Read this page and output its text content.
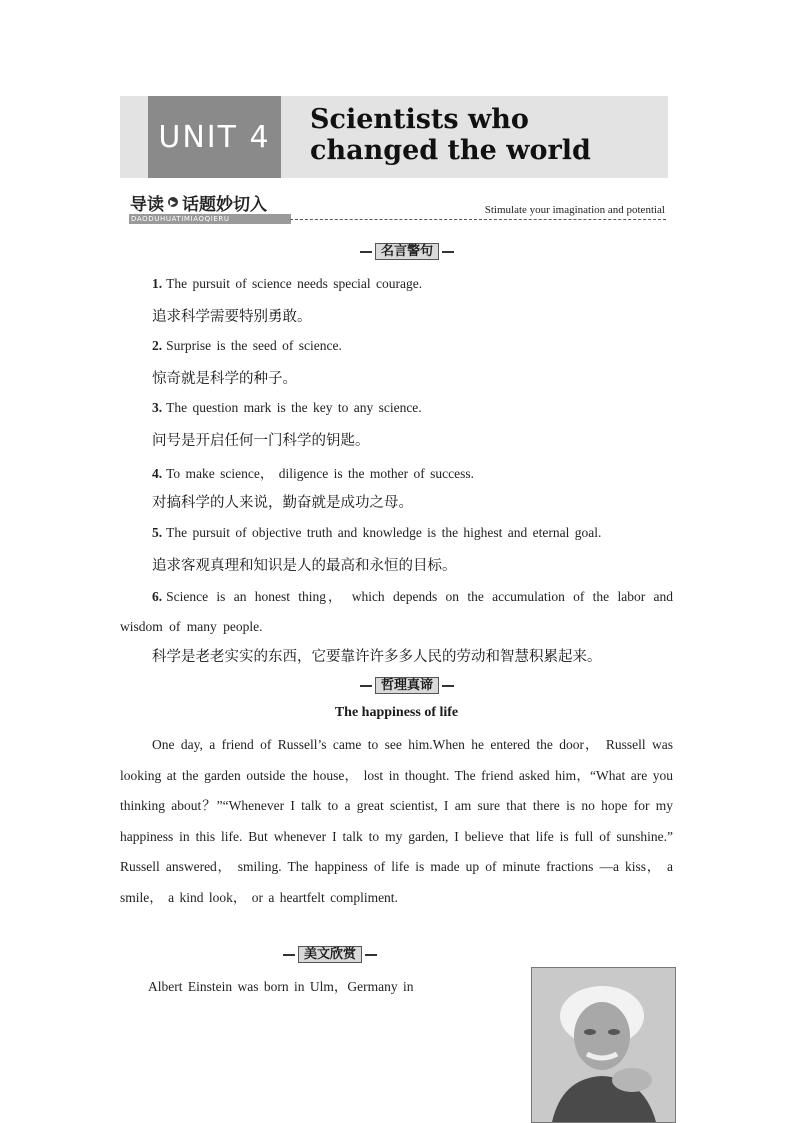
UNIT 4 Scientists who changed the world
导读 ▶ 话题妙切入
DAODUHUATIMIAOQIERU
Stimulate your imagination and potential
名言警句
1. The pursuit of science needs special courage.
追求科学需要特别勇敢。
2. Surprise is the seed of science.
惊奇就是科学的种子。
3. The question mark is the key to any science.
问号是开启任何一门科学的钥匙。
4. To make science， diligence is the mother of success.
对搞科学的人来说，勤奋就是成功之母。
5. The pursuit of objective truth and knowledge is the highest and eternal goal.
追求客观真理和知识是人的最高和永恒的目标。
6. Science is an honest thing， which depends on the accumulation of the labor and wisdom of many people.
科学是老老实实的东西，它要靠许许多多人民的劳动和智慧积累起来。
哲理真谛
The happiness of life
One day, a friend of Russell’s came to see him.When he entered the door， Russell was looking at the garden outside the house， lost in thought. The friend asked him，“What are you thinking about？”“Whenever I talk to a great scientist, I am sure that there is no hope for my happiness in this life. But whenever I talk to my garden, I believe that life is full of sunshine.” Russell answered， smiling. The happiness of life is made up of minute fractions —a kiss， a smile， a kind look， or a heartfelt compliment.
美文欣赏
Albert Einstein was born in Ulm，Germany in
